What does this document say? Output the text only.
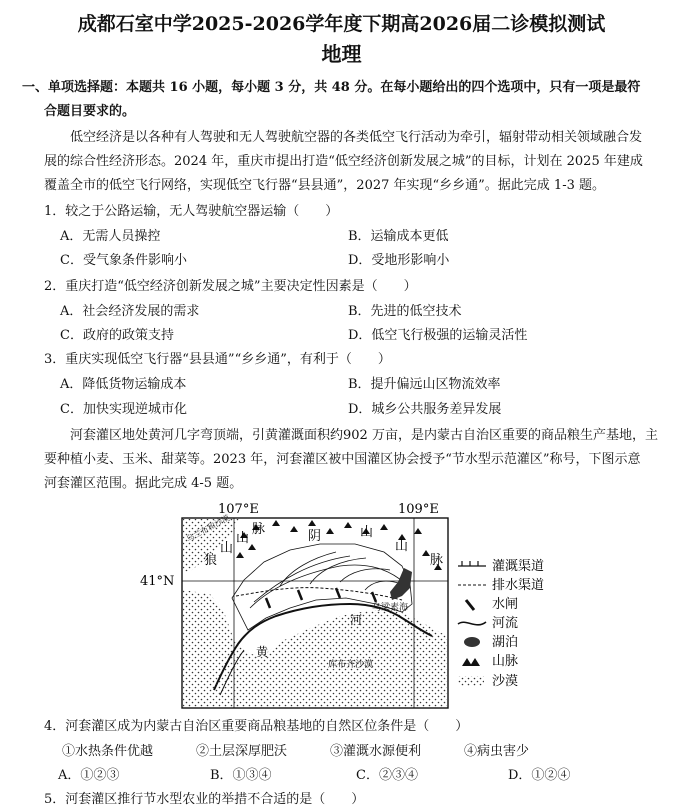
成都石室中学2025-2026学年度下期高2026届二诊模拟测试
地理
一、单项选择题：本题共 16 小题，每小题 3 分，共 48 分。在每小题给出的四个选项中，只有一项是最符
合题目要求的。
低空经济是以各种有人驾驶和无人驾驶航空器的各类低空飞行活动为牵引，辐射带动相关领域融合发
展的综合性经济形态。2024 年，重庆市提出打造“低空经济创新发展之城”的目标，计划在 2025 年建成
覆盖全市的低空飞行网络，实现低空飞行器“县县通”，2027 年实现“乡乡通”。据此完成 1-3 题。
1．较之于公路运输，无人驾驶航空器运输（　　）
A．无需人员操控	B．运输成本更低
C．受气象条件影响小	D．受地形影响小
2．重庆打造“低空经济创新发展之城”主要决定性因素是（　　）
A．社会经济发展的需求	B．先进的低空技术
C．政府的政策支持	D．低空飞行极强的运输灵活性
3．重庆实现低空飞行器“县县通”“乡乡通”，有利于（　　）
A．降低货物运输成本	B．提升偏远山区物流效率
C．加快实现逆城市化	D．城乡公共服务差异发展
河套灌区地处黄河几字弯顶端，引黄灌溉面积约902 万亩，是内蒙古自治区重要的商品粮生产基地，主
要种植小麦、玉米、甜菜等。2023 年，河套灌区被中国灌区协会授予“节水型示范灌区”称号，下图示意
河套灌区范围。据此完成 4-5 题。
107°E	109°E
41°N
乌兰布和沙漠
库布齐沙漠
狼
山
山
脉	阴	山
山
脉
乌梁素海
河
黄
灌溉渠道
排水渠道
水闸
河流
湖泊
山脉
沙漠
4．河套灌区成为内蒙古自治区重要商品粮基地的自然区位条件是（　　）
①水热条件优越	②土层深厚肥沃	③灌溉水源便利	④病虫害少
A．①②③	B．①③④	C．②③④	D．①②④
5．河套灌区推行节水型农业的举措不合适的是（　　）
